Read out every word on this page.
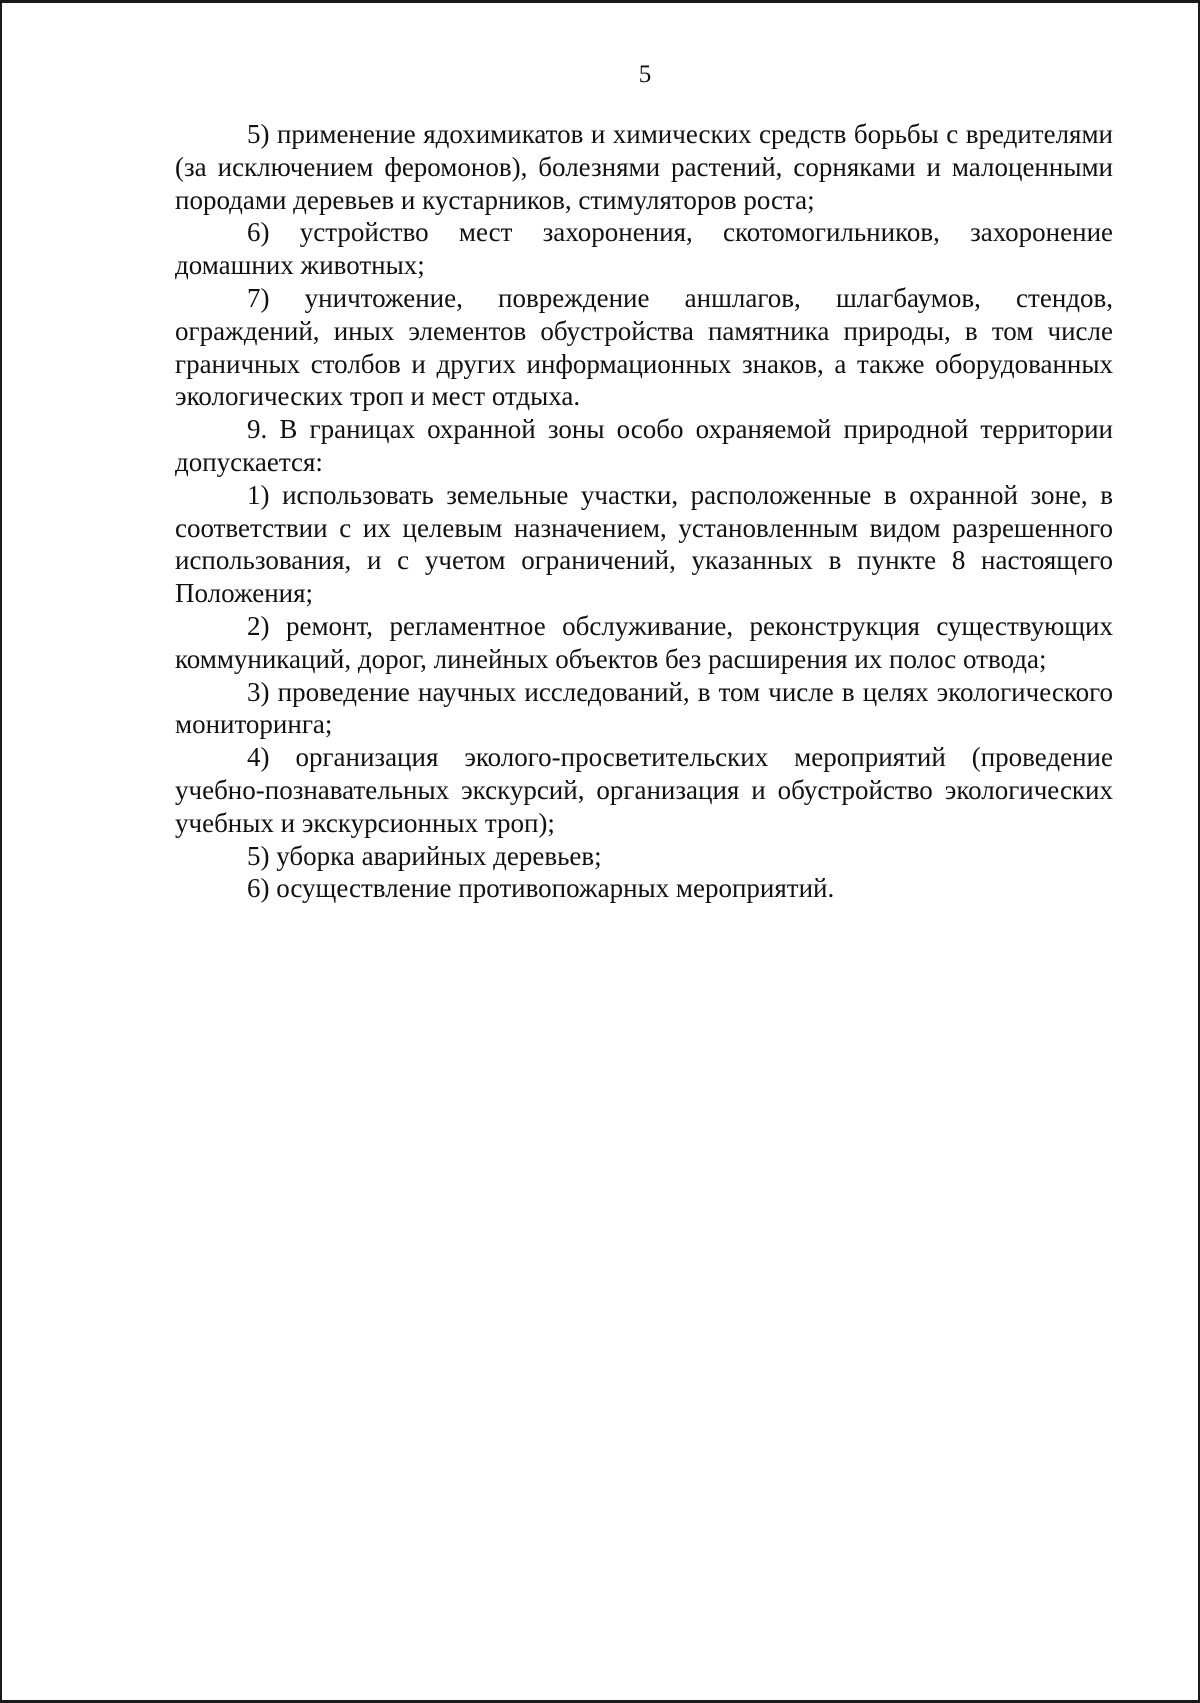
5

5) применение ядохимикатов и химических средств борьбы с вредителями (за исключением феромонов), болезнями растений, сорняками и малоценными породами деревьев и кустарников, стимуляторов роста;

6) устройство мест захоронения, скотомогильников, захоронение домашних животных;

7) уничтожение, повреждение аншлагов, шлагбаумов, стендов, ограждений, иных элементов обустройства памятника природы, в том числе граничных столбов и других информационных знаков, а также оборудованных экологических троп и мест отдыха.

9. В границах охранной зоны особо охраняемой природной территории допускается:

1) использовать земельные участки, расположенные в охранной зоне, в соответствии с их целевым назначением, установленным видом разрешенного использования, и с учетом ограничений, указанных в пункте 8 настоящего Положения;

2) ремонт, регламентное обслуживание, реконструкция существующих коммуникаций, дорог, линейных объектов без расширения их полос отвода;

3) проведение научных исследований, в том числе в целях экологического мониторинга;

4) организация эколого-просветительских мероприятий (проведение учебно-познавательных экскурсий, организация и обустройство экологических учебных и экскурсионных троп);

5) уборка аварийных деревьев;

6) осуществление противопожарных мероприятий.
